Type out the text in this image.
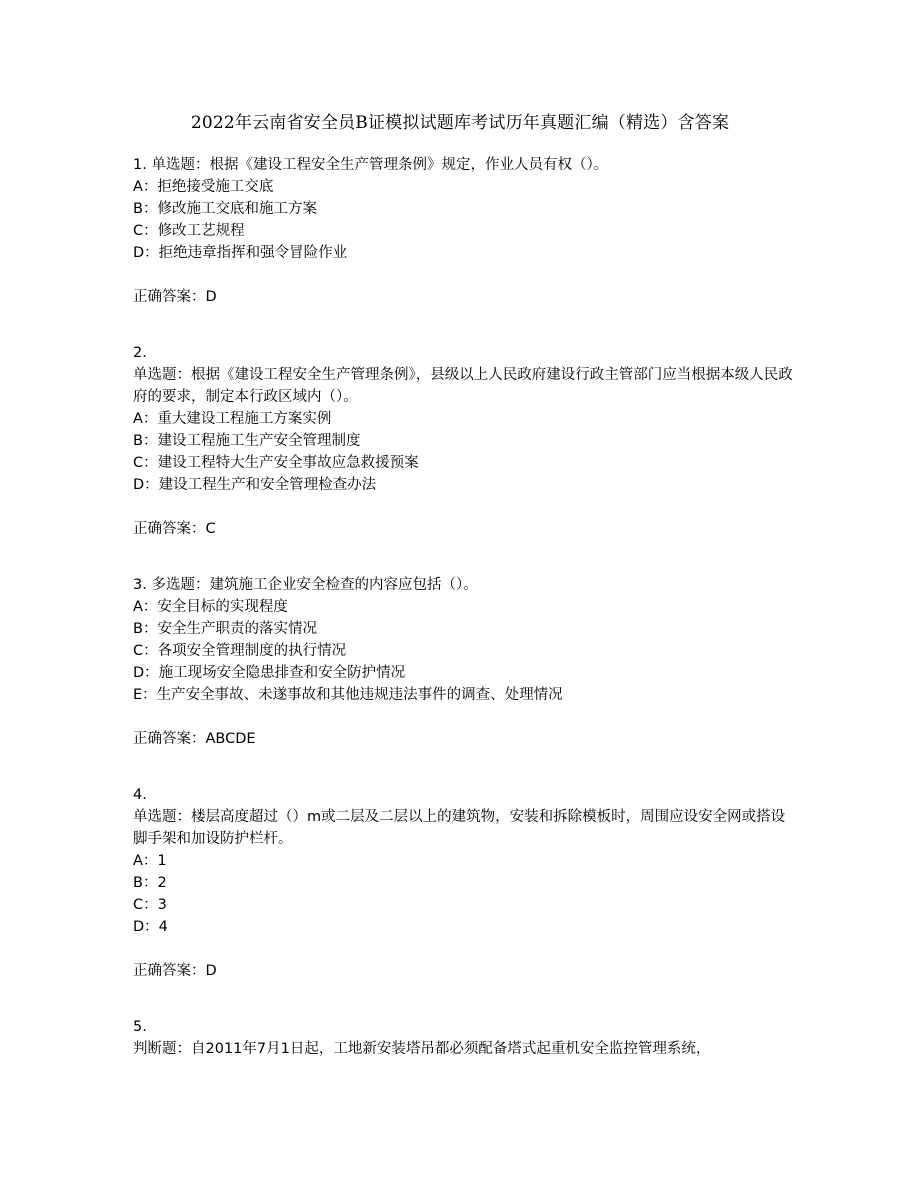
2022年云南省安全员B证模拟试题库考试历年真题汇编（精选）含答案
1. 单选题：根据《建设工程安全生产管理条例》规定，作业人员有权（）。
A：拒绝接受施工交底
B：修改施工交底和施工方案
C：修改工艺规程
D：拒绝违章指挥和强令冒险作业
正确答案：D
2.
单选题：根据《建设工程安全生产管理条例》，县级以上人民政府建设行政主管部门应当根据本级人民政府的要求，制定本行政区域内（）。
A：重大建设工程施工方案实例
B：建设工程施工生产安全管理制度
C：建设工程特大生产安全事故应急救援预案
D：建设工程生产和安全管理检查办法
正确答案：C
3. 多选题：建筑施工企业安全检查的内容应包括（）。
A：安全目标的实现程度
B：安全生产职责的落实情况
C：各项安全管理制度的执行情况
D：施工现场安全隐患排查和安全防护情况
E：生产安全事故、未遂事故和其他违规违法事件的调查、处理情况
正确答案：ABCDE
4.
单选题：楼层高度超过（）m或二层及二层以上的建筑物，安装和拆除模板时，周围应设安全网或搭设脚手架和加设防护栏杆。
A：1
B：2
C：3
D：4
正确答案：D
5.
判断题：自2011年7月1日起，工地新安装塔吊都必须配备塔式起重机安全监控管理系统，
